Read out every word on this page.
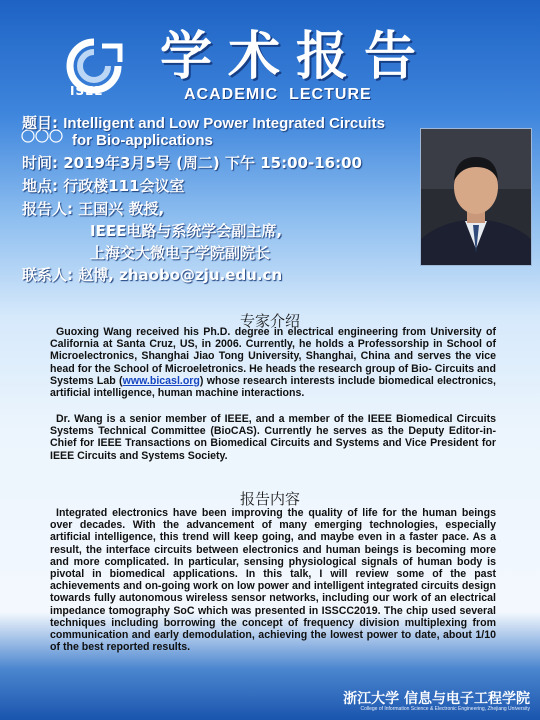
ISEE
学术报告
ACADEMIC  LECTURE
题目: Intelligent and Low Power Integrated Circuits
for Bio-applications
时间: 2019年3月5号 (周二) 下午 15:00-16:00
地点: 行政楼111会议室
报告人: 王国兴 教授,
IEEE电路与系统学会副主席,
上海交大微电子学院副院长
联系人: 赵博, zhaobo@zju.edu.cn
专家介绍
Guoxing Wang received his Ph.D. degree in electrical engineering from University of California at Santa Cruz, US, in 2006. Currently, he holds a Professorship in School of Microelectronics, Shanghai Jiao Tong University, Shanghai, China and serves the vice head for the School of Microeletronics. He heads the research group of Bio- Circuits and Systems Lab (www.bicasl.org) whose research interests include biomedical electronics, artificial intelligence, human machine interactions.
Dr. Wang is a senior member of IEEE, and a member of the IEEE Biomedical Circuits Systems Technical Committee (BioCAS). Currently he serves as the Deputy Editor-in-Chief for IEEE Transactions on Biomedical Circuits and Systems and Vice President for IEEE Circuits and Systems Society.
报告内容
Integrated electronics have been improving the quality of life for the human beings over decades. With the advancement of many emerging technologies, especially artificial intelligence, this trend will keep going, and maybe even in a faster pace. As a result, the interface circuits between electronics and human beings is becoming more and more complicated. In particular, sensing physiological signals of human body is pivotal in biomedical applications. In this talk, I will review some of the past achievements and on-going work on low power and intelligent integrated circuits design towards fully autonomous wireless sensor networks, including our work of an electrical impedance tomography SoC which was presented in ISSCC2019. The chip used several techniques including borrowing the concept of frequency division multiplexing from communication and early demodulation, achieving the lowest power to date, about 1/10 of the best reported results.
浙江大学 信息与电子工程学院
College of Information Science & Electronic Engineering, Zhejiang University
